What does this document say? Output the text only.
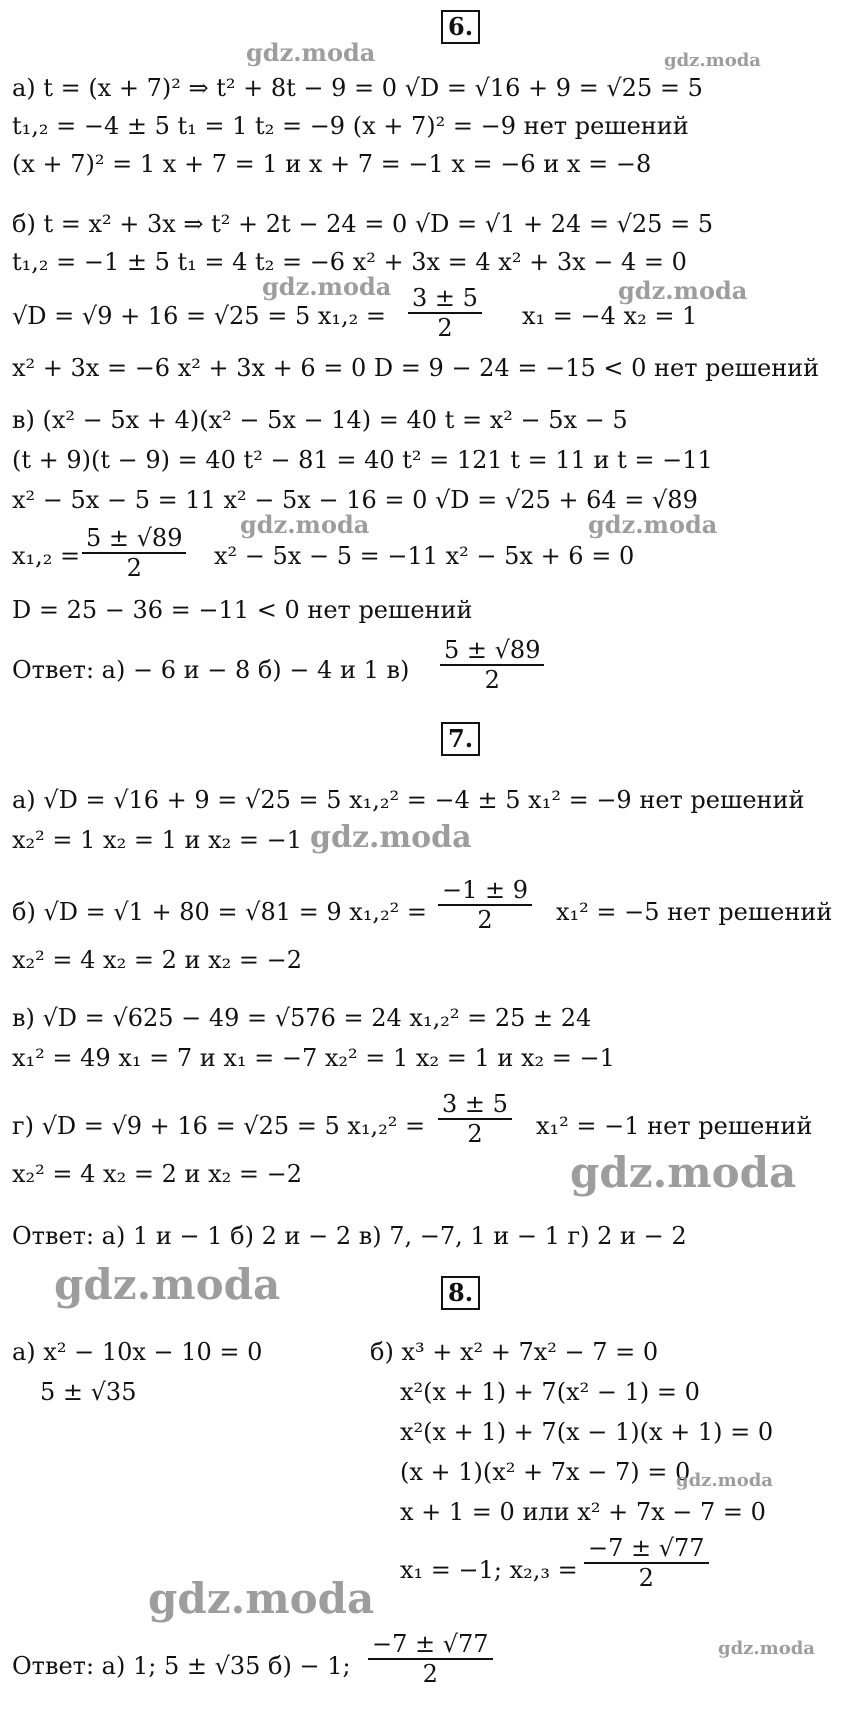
6.
а) t = (x + 7)² ⇒ t² + 8t − 9 = 0 √D = √16 + 9 = √25 = 5
t₁,₂ = −4 ± 5 t₁ = 1 t₂ = −9 (x + 7)² = −9 нет решений
(x + 7)² = 1 x + 7 = 1 и x + 7 = −1 x = −6 и x = −8
б) t = x² + 3x ⇒ t² + 2t − 24 = 0 √D = √1 + 24 = √25 = 5
t₁,₂ = −1 ± 5 t₁ = 4 t₂ = −6 x² + 3x = 4 x² + 3x − 4 = 0
√D = √9 + 16 = √25 = 5 $x_1,_2 = \frac{3 \pm 5}{2} x_1 = -4$ x₂ = 1
x² + 3x = −6 x² + 3x + 6 = 0 D = 9 − 24 = −15 < 0 нет решений
в) (x² − 5x + 4)(x² − 5x − 14) = 40 t = x² − 5x − 5
(t + 9)(t − 9) = 40 t² − 81 = 40 t² = 121 t = 11 и t = −11
x² − 5x − 5 = 11 x² − 5x − 16 = 0 √D = √25 + 64 = √89
$x_1,_2 = \frac{5 \pm √89}{2} x^2 - 5x - 5 = -11$ x² − 5x + 6 = 0
D = 25 − 36 = −11 < 0 нет решений
Ответ: а) − 6 и − 8 б) − 4 и 1 $в) \frac{5 \pm √89}{2}$
7.
а) √D = √16 + 9 = √25 = 5 x₁,₂² = −4 ± 5 x₁² = −9 нет решений
x₂² = 1 x₂ = 1 и x₂ = −1
б) √D = √1 + 80 = √81 = 9 $x_1,_2^2 = \frac{-1 \pm 9}{2} x_1^2 = -5$ нет решений
x₂² = 4 x₂ = 2 и x₂ = −2
в) √D = √625 − 49 = √576 = 24 x₁,₂² = 25 ± 24
x₁² = 49 x₁ = 7 и x₁ = −7 x₂² = 1 x₂ = 1 и x₂ = −1
г) √D = √9 + 16 = √25 = 5 $x_1,_2^2 = \frac{3 \pm 5}{2} x_1^2 = -1$ нет решений
x₂² = 4 x₂ = 2 и x₂ = −2
Ответ: а) 1 и − 1 б) 2 и − 2 в) 7, −7, 1 и − 1 г) 2 и − 2
8.
а) x² − 10x − 10 = 0
5 ± √35
б) x³ + x² + 7x² − 7 = 0
x²(x + 1) + 7(x² − 1) = 0
x²(x + 1) + 7(x − 1)(x + 1) = 0
(x + 1)(x² + 7x − 7) = 0
x + 1 = 0 или x² + 7x − 7 = 0
x₁ = −1; $x_2,_3 = \frac{-7 \pm √77}{2}$
Ответ: а) 1; 5 ± √35 б) − 1; $\frac{-7 \pm √77}{2}$
gdz.moda	gdz.moda
gdz.moda	gdz.moda
gdz.moda	gdz.moda
gdz.moda
gdz.moda
gdz.moda
gdz.moda
gdz.moda
gdz.moda
